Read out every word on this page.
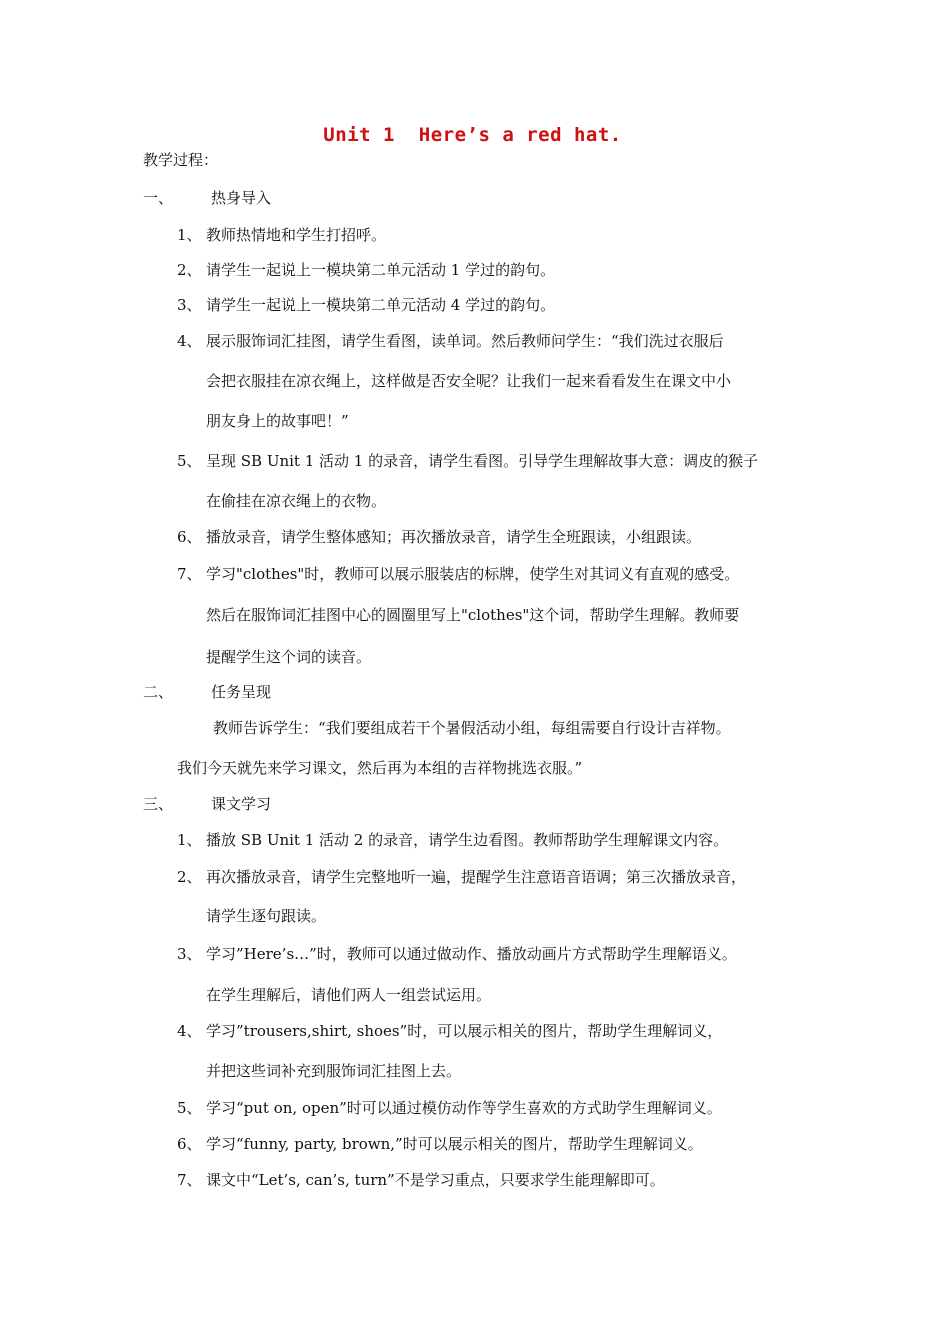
Unit 1  Here’s a red hat.
教学过程：
一、	热身导入
1、 教师热情地和学生打招呼。
2、 请学生一起说上一模块第二单元活动 1 学过的韵句。
3、 请学生一起说上一模块第二单元活动 4 学过的韵句。
4、 展示服饰词汇挂图，请学生看图，读单词。然后教师问学生：“我们洗过衣服后
会把衣服挂在凉衣绳上，这样做是否安全呢？让我们一起来看看发生在课文中小
朋友身上的故事吧！”
5、 呈现 SB Unit 1 活动 1 的录音，请学生看图。引导学生理解故事大意：调皮的猴子
在偷挂在凉衣绳上的衣物。
6、 播放录音，请学生整体感知；再次播放录音，请学生全班跟读，小组跟读。
7、 学习"clothes"时，教师可以展示服装店的标牌，使学生对其词义有直观的感受。
然后在服饰词汇挂图中心的圆圈里写上"clothes"这个词，帮助学生理解。教师要
提醒学生这个词的读音。
二、	任务呈现
教师告诉学生：“我们要组成若干个暑假活动小组，每组需要自行设计吉祥物。
我们今天就先来学习课文，然后再为本组的吉祥物挑选衣服。”
三、	课文学习
1、 播放 SB Unit 1 活动 2 的录音，请学生边看图。教师帮助学生理解课文内容。
2、 再次播放录音，请学生完整地听一遍，提醒学生注意语音语调；第三次播放录音，
请学生逐句跟读。
3、 学习”Here’s…”时，教师可以通过做动作、播放动画片方式帮助学生理解语义。
在学生理解后，请他们两人一组尝试运用。
4、 学习”trousers,shirt, shoes”时，可以展示相关的图片，帮助学生理解词义，
并把这些词补充到服饰词汇挂图上去。
5、 学习“put on, open”时可以通过模仿动作等学生喜欢的方式助学生理解词义。
6、 学习“funny, party, brown,”时可以展示相关的图片，帮助学生理解词义。
7、 课文中“Let’s, can’s, turn”不是学习重点，只要求学生能理解即可。
